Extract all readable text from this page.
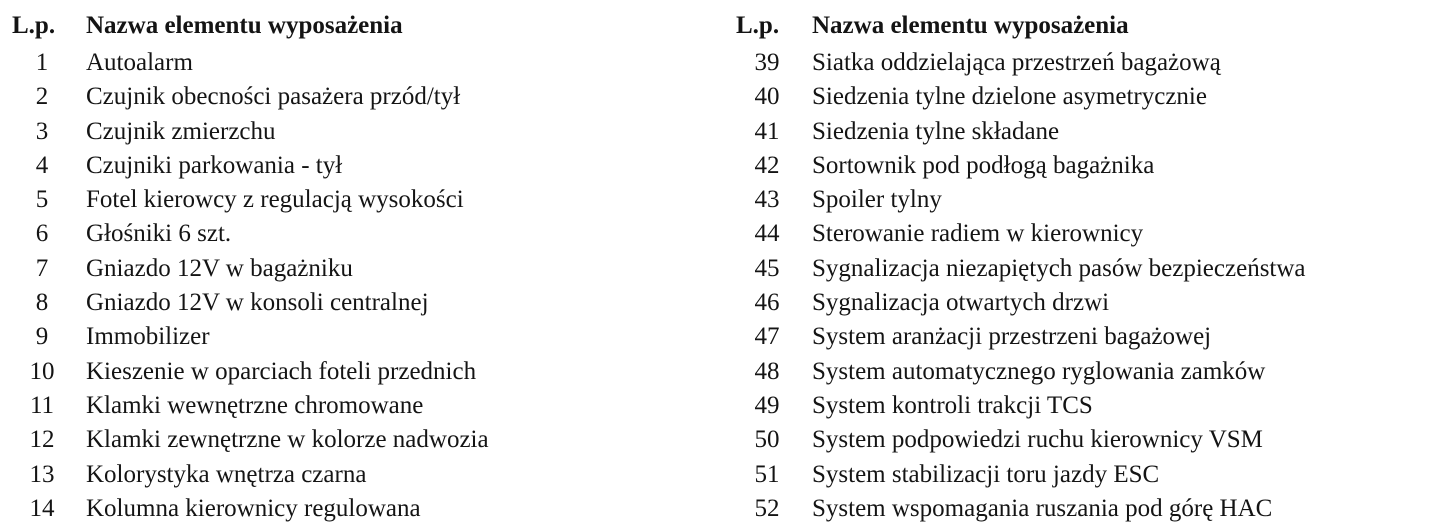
L.p.	Nazwa elementu wyposażenia
1	Autoalarm
2	Czujnik obecności pasażera przód/tył
3	Czujnik zmierzchu
4	Czujniki parkowania - tył
5	Fotel kierowcy z regulacją wysokości
6	Głośniki 6 szt.
7	Gniazdo 12V w bagażniku
8	Gniazdo 12V w konsoli centralnej
9	Immobilizer
10	Kieszenie w oparciach foteli przednich
11	Klamki wewnętrzne chromowane
12	Klamki zewnętrzne w kolorze nadwozia
13	Kolorystyka wnętrza czarna
14	Kolumna kierownicy regulowana
L.p.	Nazwa elementu wyposażenia
39	Siatka oddzielająca przestrzeń bagażową
40	Siedzenia tylne dzielone asymetrycznie
41	Siedzenia tylne składane
42	Sortownik pod podłogą bagażnika
43	Spoiler tylny
44	Sterowanie radiem w kierownicy
45	Sygnalizacja niezapiętych pasów bezpieczeństwa
46	Sygnalizacja otwartych drzwi
47	System aranżacji przestrzeni bagażowej
48	System automatycznego ryglowania zamków
49	System kontroli trakcji TCS
50	System podpowiedzi ruchu kierownicy VSM
51	System stabilizacji toru jazdy ESC
52	System wspomagania ruszania pod górę HAC
